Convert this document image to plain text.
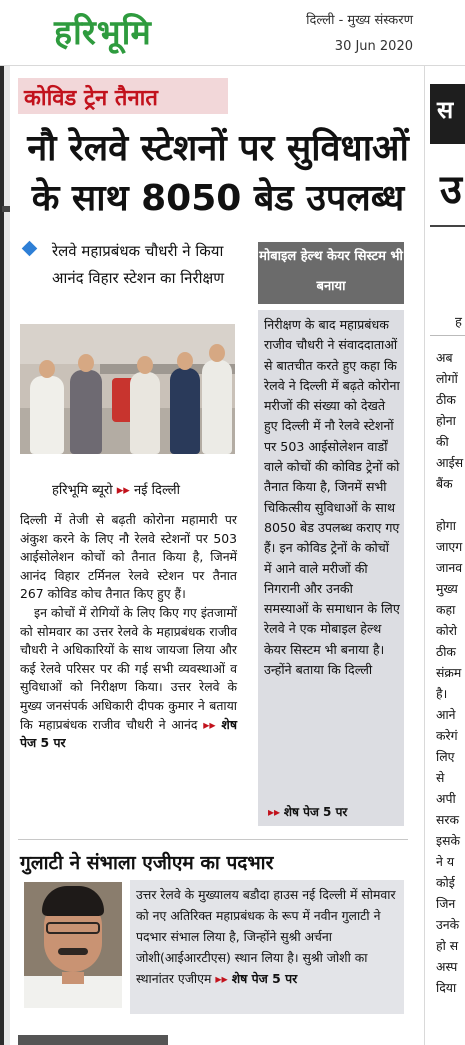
हरिभूमि	दिल्ली - मुख्य संस्करण
30 Jun 2020
कोविड ट्रेन तैनात
नौ रेलवे स्टेशनों पर सुविधाओं
के साथ 8050 बेड उपलब्ध
रेलवे महाप्रबंधक चौधरी ने किया आनंद विहार स्टेशन का निरीक्षण
हरिभूमि ब्यूरो ▸▸ नई दिल्ली

दिल्ली में तेजी से बढ़ती कोरोना महामारी पर अंकुश करने के लिए नौ रेलवे स्टेशनों पर 503 आईसोलेशन कोचों को तैनात किया है, जिनमें आनंद विहार टर्मिनल रेलवे स्टेशन पर तैनात 267 कोविड कोच तैनात किए हुए हैं।

इन कोचों में रोगियों के लिए किए गए इंतजामों को सोमवार का उत्तर रेलवे के महाप्रबंधक राजीव चौधरी ने अधिकारियों के साथ जायजा लिया और कई रेलवे परिसर पर की गई सभी व्यवस्थाओं व सुविधाओं को निरीक्षण किया। उत्तर रेलवे के मुख्य जनसंपर्क अधिकारी दीपक कुमार ने बताया कि महाप्रबंधक राजीव चौधरी ने आनंद ▸▸ शेष पेज 5 पर

मोबाइल हेल्थ केयर सिस्टम भी बनाया
निरीक्षण के बाद महाप्रबंधक राजीव चौधरी ने संवाददाताओं से बातचीत करते हुए कहा कि रेलवे ने दिल्ली में बढ़ते कोरोना मरीजों की संख्या को देखते हुए दिल्ली में नौ रेलवे स्टेशनों पर 503 आईसोलेशन वार्डों वाले कोचों की कोविड ट्रेनों को तैनात किया है, जिनमें सभी चिकित्सीय सुविधाओं के साथ 8050 बेड उपलब्ध कराए गए हैं। इन कोविड ट्रेनों के कोचों में आने वाले मरीजों की निगरानी और उनकी समस्याओं के समाधान के लिए रेलवे ने एक मोबाइल हेल्थ केयर सिस्टम भी बनाया है। उन्होंने बताया कि दिल्ली
▸▸ शेष पेज 5 पर
गुलाटी ने संभाला एजीएम का पदभार
उत्तर रेलवे के मुख्यालय बडौदा हाउस नई दिल्ली में सोमवार को नए अतिरिक्त महाप्रबंधक के रूप में नवीन गुलाटी ने पदभार संभाल लिया है, जिन्होंने सुश्री अर्चना जोशी(आईआरटीएस) स्थान लिया है। सुश्री जोशी का स्थानांतर एजीएम ▸▸ शेष पेज 5 पर
स
उ
ह
अब
लोगों
ठीक
होना
की
आईस
बैंक

होगा
जाएग
जानव
मुख्य
कहा
कोरो
ठीक
संक्रम
है।
आने
करेगं
लिए
से
अपी
सरक
इसके
ने य
कोई
जिन
उनके
हो स
अस्प
दिया
